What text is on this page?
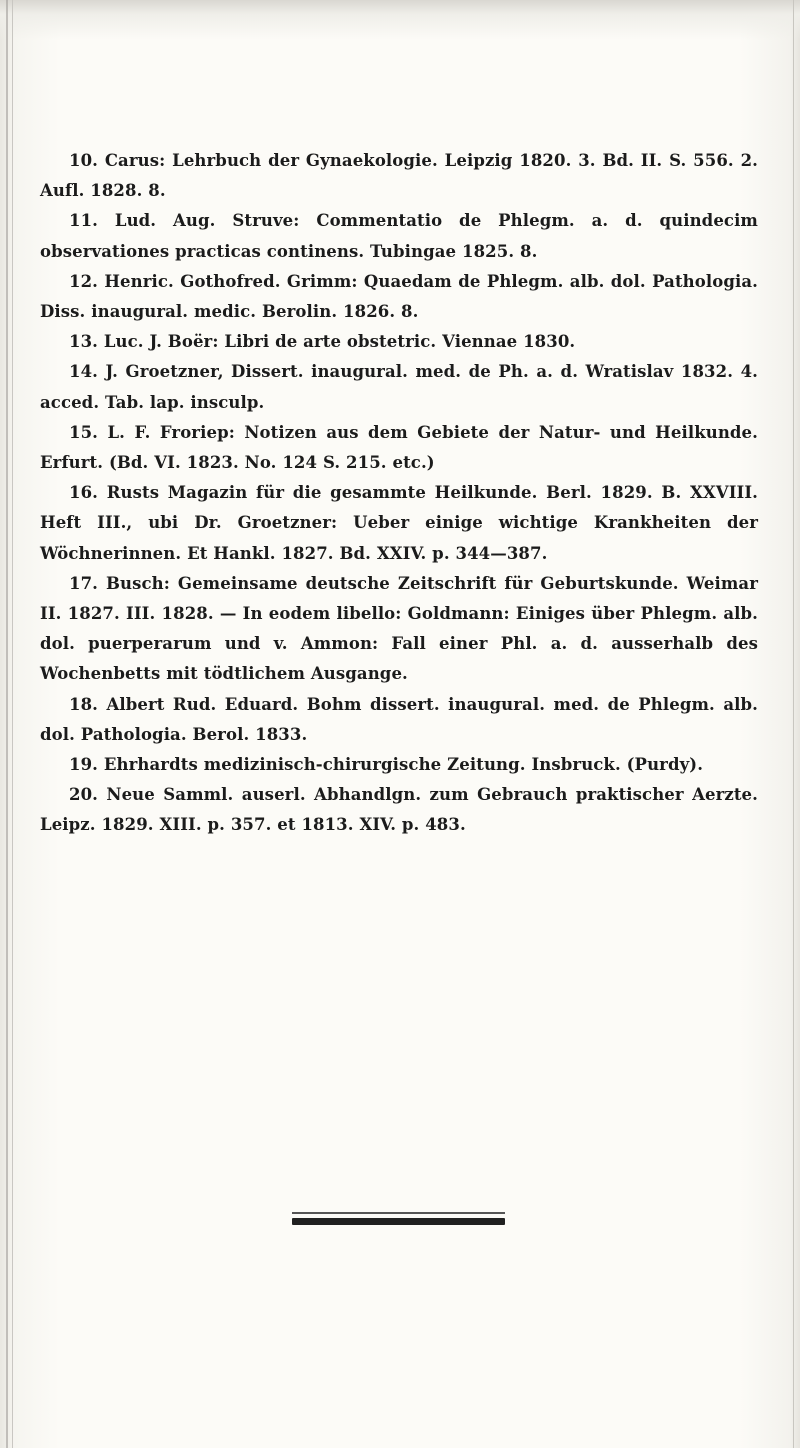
10. Carus: Lehrbuch der Gynaekologie. Leipzig 1820. 3. Bd. II. S. 556. 2. Aufl. 1828. 8.

11. Lud. Aug. Struve: Commentatio de Phlegm. a. d. quindecim observationes practicas continens. Tubingae 1825. 8.

12. Henric. Gothofred. Grimm: Quaedam de Phlegm. alb. dol. Pathologia. Diss. inaugural. medic. Berolin. 1826. 8.

13. Luc. J. Boër: Libri de arte obstetric. Viennae 1830.

14. J. Groetzner, Dissert. inaugural. med. de Ph. a. d. Wratislav 1832. 4. acced. Tab. lap. insculp.

15. L. F. Froriep: Notizen aus dem Gebiete der Natur- und Heilkunde. Erfurt. (Bd. VI. 1823. No. 124 S. 215. etc.)

16. Rusts Magazin für die gesammte Heilkunde. Berl. 1829. B. XXVIII. Heft III., ubi Dr. Groetzner: Ueber einige wichtige Krankheiten der Wöchnerinnen. Et Hankl. 1827. Bd. XXIV. p. 344—387.

17. Busch: Gemeinsame deutsche Zeitschrift für Geburtskunde. Weimar II. 1827. III. 1828. — In eodem libello: Goldmann: Einiges über Phlegm. alb. dol. puerperarum und v. Ammon: Fall einer Phl. a. d. ausserhalb des Wochenbetts mit tödtlichem Ausgange.

18. Albert Rud. Eduard. Bohm dissert. inaugural. med. de Phlegm. alb. dol. Pathologia. Berol. 1833.

19. Ehrhardts medizinisch-chirurgische Zeitung. Insbruck. (Purdy).

20. Neue Samml. auserl. Abhandlgn. zum Gebrauch praktischer Aerzte. Leipz. 1829. XIII. p. 357. et 1813. XIV. p. 483.
